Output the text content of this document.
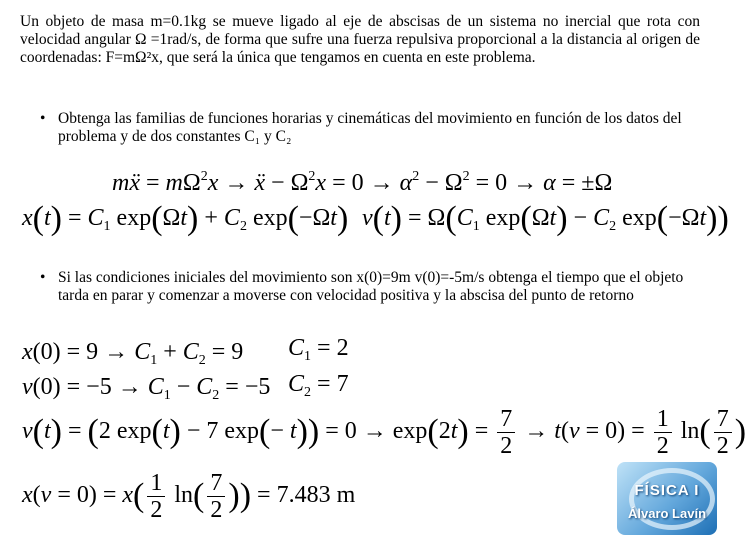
Un objeto de masa m=0.1kg se mueve ligado al eje de abscisas de un sistema no inercial que rota con velocidad angular Ω =1rad/s, de forma que sufre una fuerza repulsiva proporcional a la distancia al origen de coordenadas: F=mΩ²x, que será la única que tengamos en cuenta en este problema.
• Obtenga las familias de funciones horarias y cinemáticas del movimiento en función de los datos del problema y de dos constantes C₁ y C₂
mẍ = $m\Omega^2x$ → ẍ − $\Omega^2x = 0 \to \alpha^2 - \Omega^2 = 0 \to \alpha = \pm\Omega$
$x(t) = C_1$ $\exp(\Omega t) + C_2$ exp(−Ωt) $v(t) = \Omega(C_1$ $\exp(\Omega t) - C_2$ exp(−Ωt))
• Si las condiciones iniciales del movimiento son x(0)=9m v(0)=-5m/s obtenga el tiempo que el objeto tarda en parar y comenzar a moverse con velocidad positiva y la abscisa del punto de retorno
$x(0) = 9 \to C_1 + C_2 = 9$ $C_1 = 2$
$v(0) = -5 \to C_1 - C_2 = -5$ $C_2 = 7$
v(t) = (2 exp(t) − 7 $\exp(- t)) = 0 \to \exp(2t) = \frac{7}{2} \to t(v = 0) = \frac{1}{2} \ln( \frac{7}{2}$ )
$x(v = 0) = x( \frac{1}{2} \ln( \frac{7}{2}$ )) = 7.483 m	FÍSICA I
Álvaro Lavín
